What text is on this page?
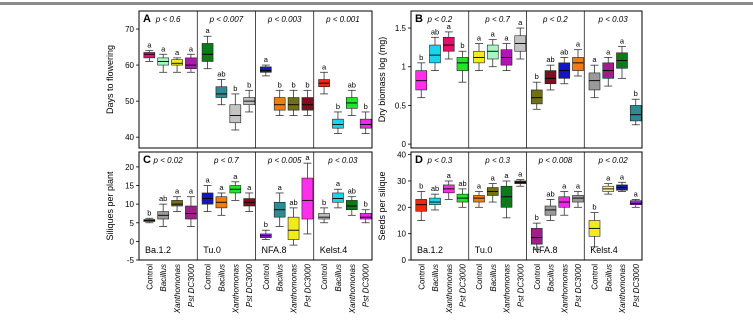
A
40
50
60
70
Days to flowering
p < 0.6
a a a a
p < 0.007
a
ab
b b
p < 0.003
a
b b b
p < 0.001
a
b
ab
b
B
0
0.5
1
1.5
Dry biomass log (mg)
p < 0.2
b
ab
a
b
p < 0.7
a a a
a	p < 0.2
b
ab
ab
a
p < 0.03
a
a
a
b
C
-5
0
5
10
15
20
Siliques per plant
p < 0.02
Ba.1.2
b
Control
ab
Bacillus
a
Xanthomonas
a
Pst DC3000
p < 0.7
Tu.0
a
Control
a
Bacillus
a
Xanthomonas
a
Pst DC3000
p < 0.005
NFA.8
b
Control
a
Bacillus
ab
Xanthomonas
a
Pst DC3000
p < 0.03
Kelst.4
b
Control
a
Bacillus
ab
Xanthomonas
b
Pst DC3000
D
0
10
20
30
40
Seeds per silique
p < 0.3
Ba.1.2
b
Control
ab
Bacillus
a
Xanthomonas
ab
Pst DC3000
p < 0.3
Tu.0
a
Control
a
Bacillus
a
Xanthomonas
a
Pst DC3000
p < 0.008
NFA.8
b
Control
ab
Bacillus
a
Xanthomonas
a
Pst DC3000
p < 0.02
Kelst.4
b
Control
a
Bacillus
a
Xanthomonas
a
Pst DC3000
